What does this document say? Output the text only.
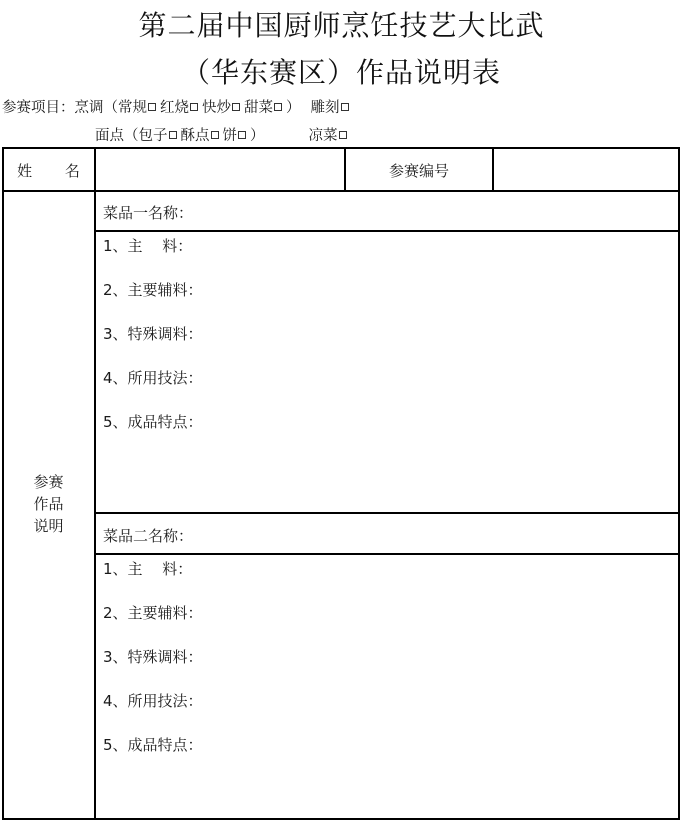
第二届中国厨师烹饪技艺大比武
（华东赛区）作品说明表
参赛项目：烹调（常规 红烧 快炒 甜菜 ） 雕刻
面点（包子 酥点 饼 ）	凉菜
姓 名	参赛编号
参赛
作品
说明
菜品一名称：
1、主　 料：
2、主要辅料：
3、特殊调料：
4、所用技法：
5、成品特点：
菜品二名称：
1、主　 料：
2、主要辅料：
3、特殊调料：
4、所用技法：
5、成品特点：
